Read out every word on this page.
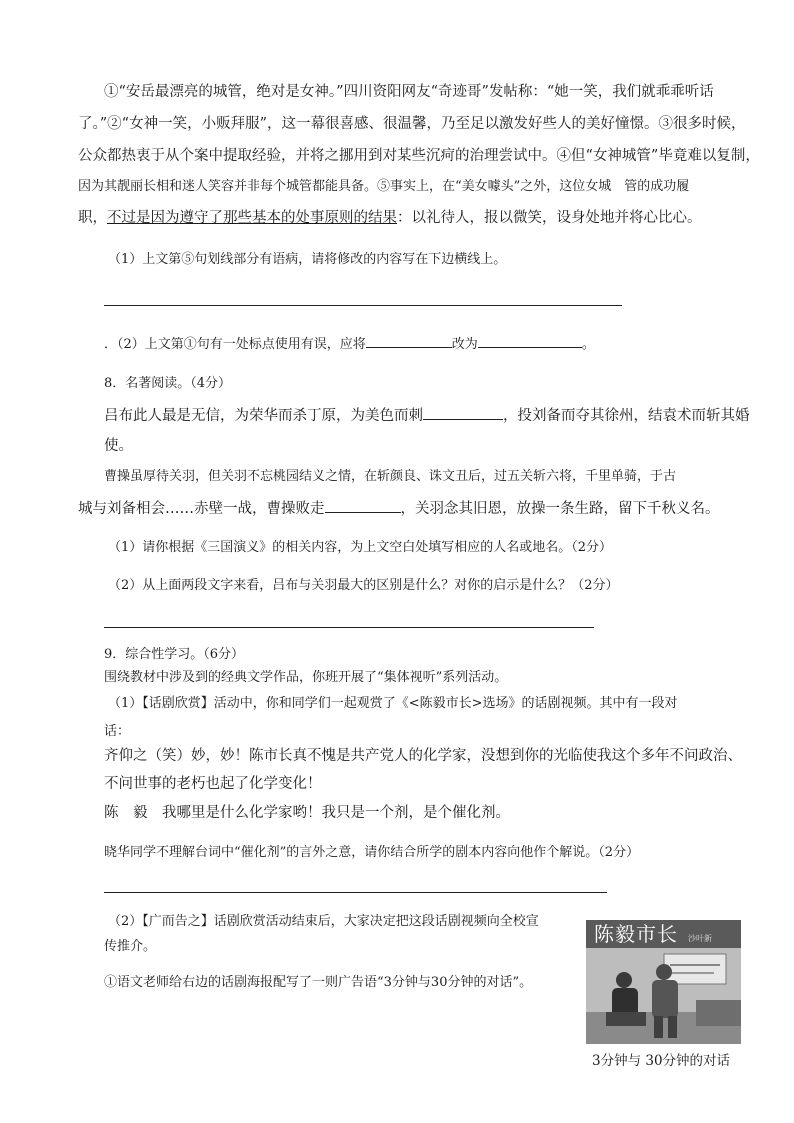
①“安岳最漂亮的城管，绝对是女神。”四川资阳网友“奇迹哥”发帖称：“她一笑，我们就乖乖听话
了。”②“女神一笑，小贩拜服”，这一幕很喜感、很温馨，乃至足以激发好些人的美好憧憬。③很多时候，
公众都热衷于从个案中提取经验，并将之挪用到对某些沉疴的治理尝试中。④但“女神城管”毕竟难以复制，
因为其靓丽长相和迷人笑容并非每个城管都能具备。⑤事实上，在“美女噱头”之外，这位女城　管的成功履
职，不过是因为遵守了那些基本的处事原则的结果：以礼待人，报以微笑，设身处地并将心比心。
（1）上文第⑤句划线部分有语病，请将修改的内容写在下边横线上。
．（2）上文第①句有一处标点使用有误，应将	改为	。
8．名著阅读。（4分）
吕布此人最是无信，为荣华而杀丁原，为美色而刺	，投刘备而夺其徐州，结袁术而斩其婚
使。
曹操虽厚待关羽，但关羽不忘桃园结义之情，在斩颜良、诛文丑后，过五关斩六将，千里单骑，于古
城与刘备相会……赤壁一战，曹操败走	，关羽念其旧恩，放操一条生路，留下千秋义名。
（1）请你根据《三国演义》的相关内容，为上文空白处填写相应的人名或地名。（2分）
（2）从上面两段文字来看，吕布与关羽最大的区别是什么？对你的启示是什么？（2分）
9．综合性学习。（6分）
围绕教材中涉及到的经典文学作品，你班开展了“集体视听”系列活动。
（1）【话剧欣赏】活动中，你和同学们一起观赏了《<陈毅市长>选场》的话剧视频。其中有一段对
话：
齐仰之（笑）妙，妙！陈市长真不愧是共产党人的化学家，没想到你的光临使我这个多年不问政治、
不问世事的老朽也起了化学变化！
陈　毅　我哪里是什么化学家哟！我只是一个剂，是个催化剂。
晓华同学不理解台词中“催化剂”的言外之意，请你结合所学的剧本内容向他作个解说。（2分）
（2）【广而告之】话剧欣赏活动结束后，大家决定把这段话剧视频向全校宣
传推介。
①语文老师给右边的话剧海报配写了一则广告语“3分钟与30分钟的对话”。
陈毅市长 沙叶新
3分钟与 30分钟的对话
